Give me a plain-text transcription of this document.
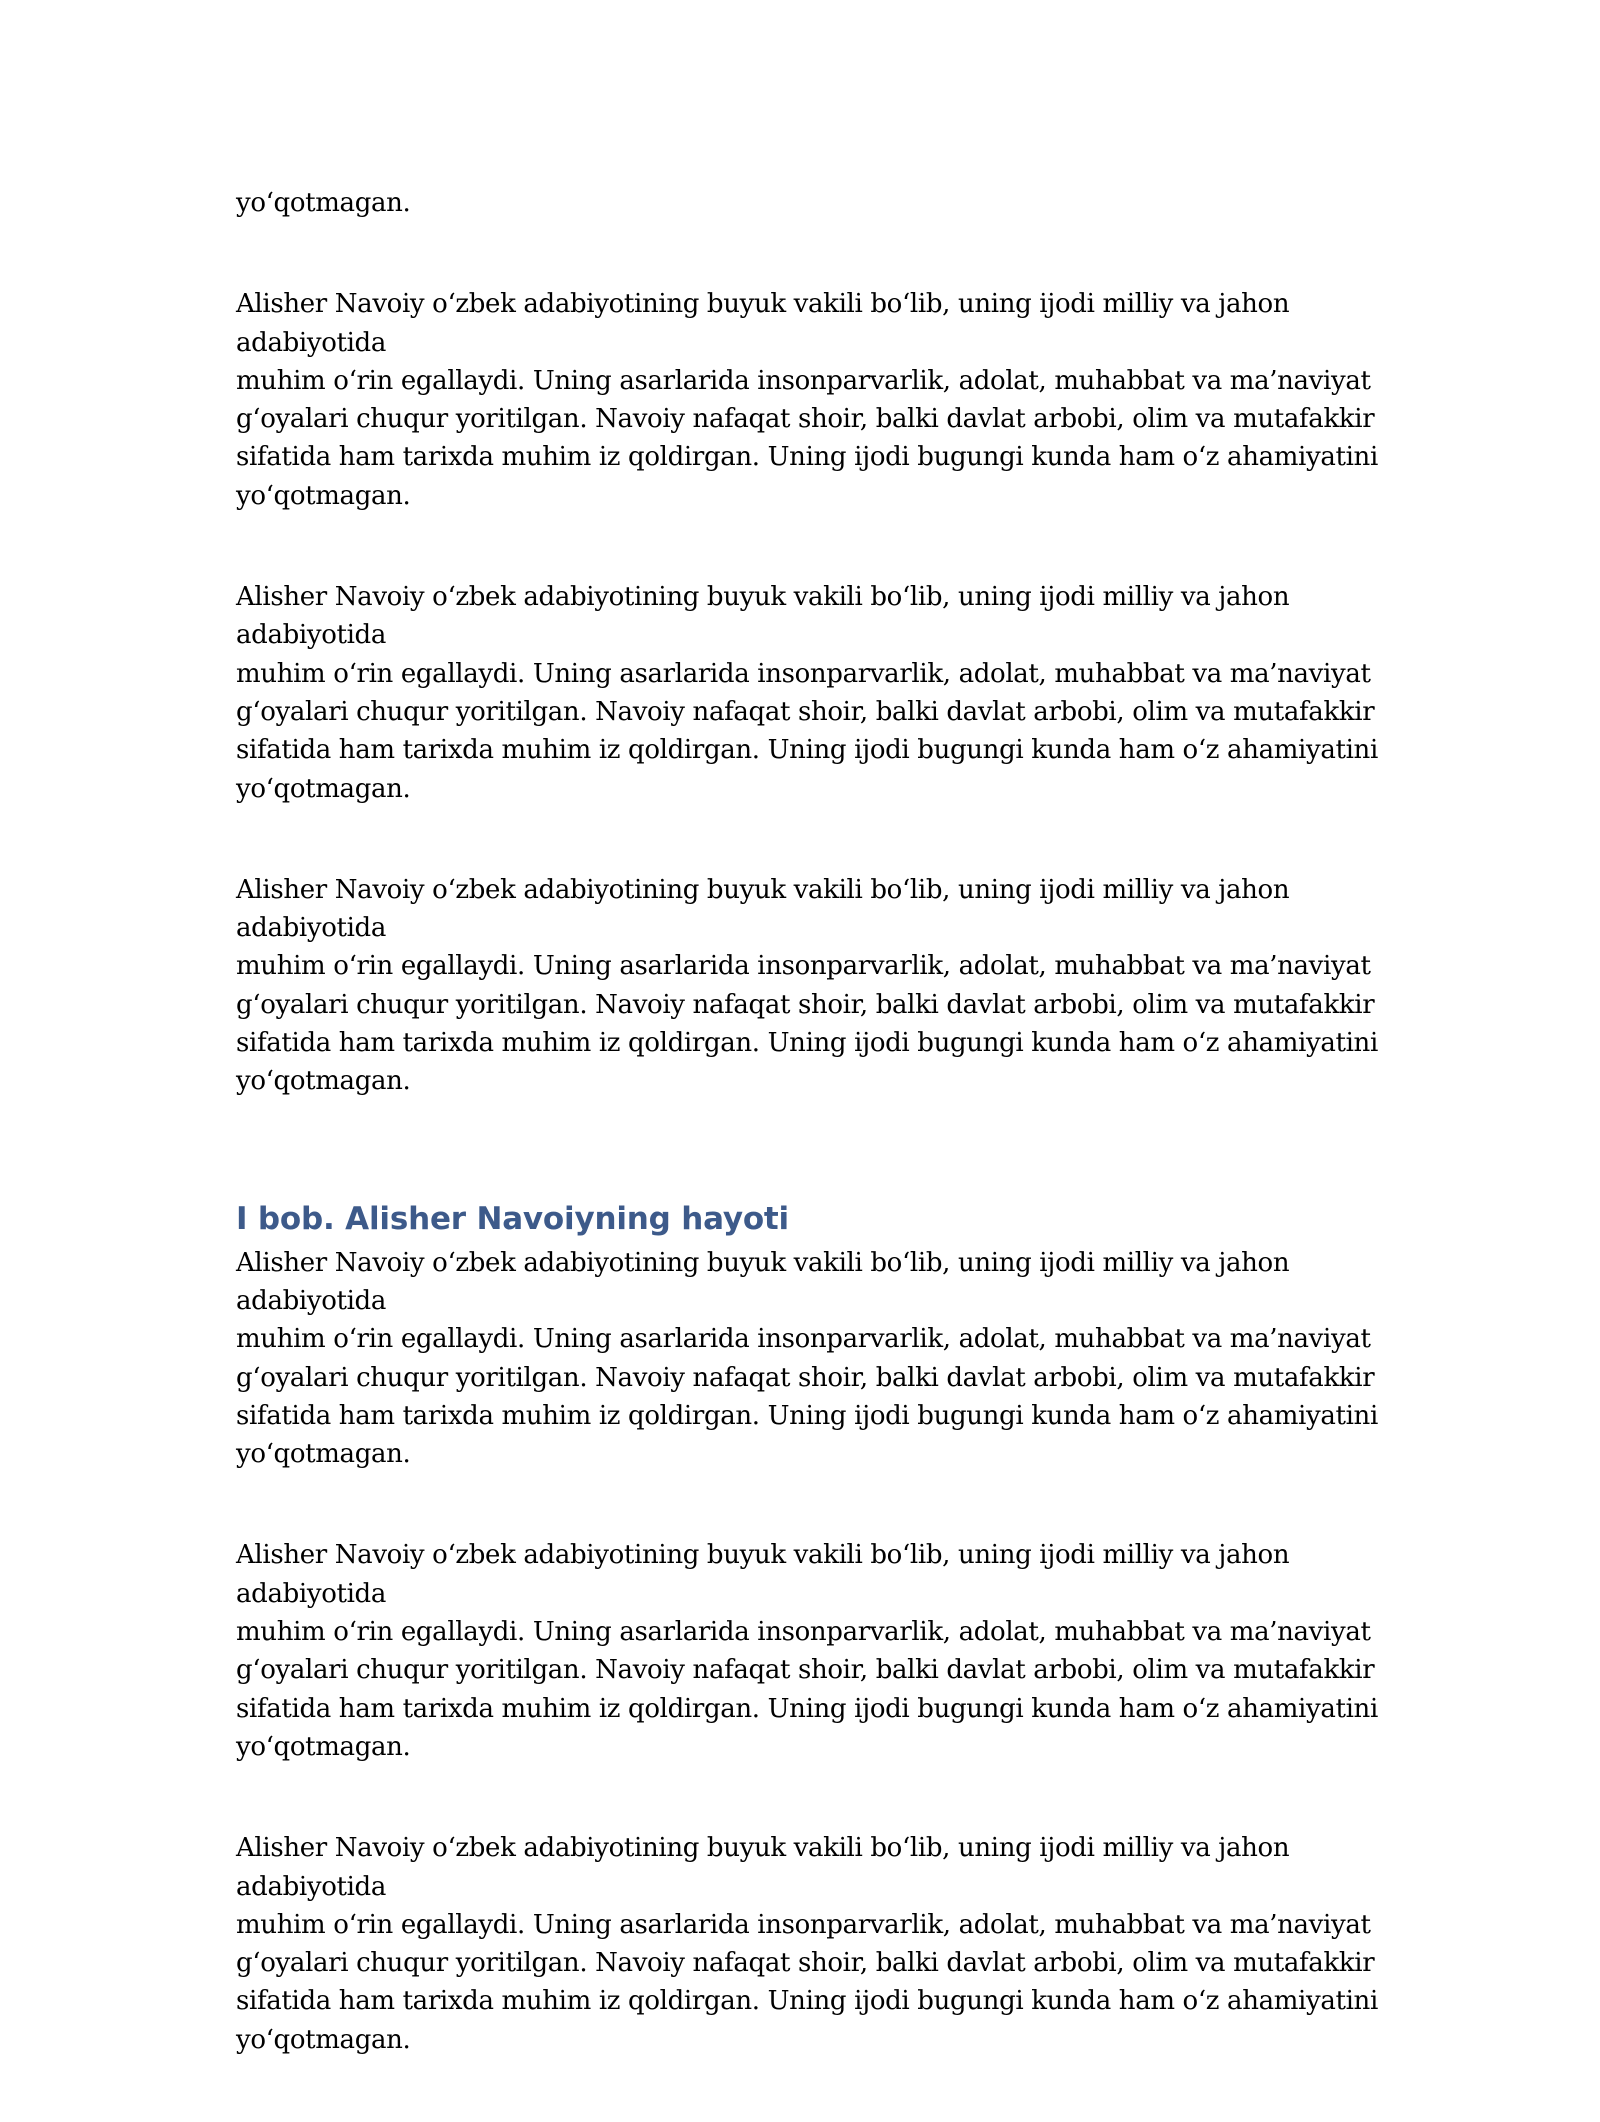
yo‘qotmagan.

Alisher Navoiy o‘zbek adabiyotining buyuk vakili bo‘lib, uning ijodi milliy va jahon adabiyotida
muhim o‘rin egallaydi. Uning asarlarida insonparvarlik, adolat, muhabbat va ma’naviyat
g‘oyalari chuqur yoritilgan. Navoiy nafaqat shoir, balki davlat arbobi, olim va mutafakkir
sifatida ham tarixda muhim iz qoldirgan. Uning ijodi bugungi kunda ham o‘z ahamiyatini
yo‘qotmagan.

Alisher Navoiy o‘zbek adabiyotining buyuk vakili bo‘lib, uning ijodi milliy va jahon adabiyotida
muhim o‘rin egallaydi. Uning asarlarida insonparvarlik, adolat, muhabbat va ma’naviyat
g‘oyalari chuqur yoritilgan. Navoiy nafaqat shoir, balki davlat arbobi, olim va mutafakkir
sifatida ham tarixda muhim iz qoldirgan. Uning ijodi bugungi kunda ham o‘z ahamiyatini
yo‘qotmagan.

Alisher Navoiy o‘zbek adabiyotining buyuk vakili bo‘lib, uning ijodi milliy va jahon adabiyotida
muhim o‘rin egallaydi. Uning asarlarida insonparvarlik, adolat, muhabbat va ma’naviyat
g‘oyalari chuqur yoritilgan. Navoiy nafaqat shoir, balki davlat arbobi, olim va mutafakkir
sifatida ham tarixda muhim iz qoldirgan. Uning ijodi bugungi kunda ham o‘z ahamiyatini
yo‘qotmagan.

I bob. Alisher Navoiyning hayoti

Alisher Navoiy o‘zbek adabiyotining buyuk vakili bo‘lib, uning ijodi milliy va jahon adabiyotida
muhim o‘rin egallaydi. Uning asarlarida insonparvarlik, adolat, muhabbat va ma’naviyat
g‘oyalari chuqur yoritilgan. Navoiy nafaqat shoir, balki davlat arbobi, olim va mutafakkir
sifatida ham tarixda muhim iz qoldirgan. Uning ijodi bugungi kunda ham o‘z ahamiyatini
yo‘qotmagan.

Alisher Navoiy o‘zbek adabiyotining buyuk vakili bo‘lib, uning ijodi milliy va jahon adabiyotida
muhim o‘rin egallaydi. Uning asarlarida insonparvarlik, adolat, muhabbat va ma’naviyat
g‘oyalari chuqur yoritilgan. Navoiy nafaqat shoir, balki davlat arbobi, olim va mutafakkir
sifatida ham tarixda muhim iz qoldirgan. Uning ijodi bugungi kunda ham o‘z ahamiyatini
yo‘qotmagan.

Alisher Navoiy o‘zbek adabiyotining buyuk vakili bo‘lib, uning ijodi milliy va jahon adabiyotida
muhim o‘rin egallaydi. Uning asarlarida insonparvarlik, adolat, muhabbat va ma’naviyat
g‘oyalari chuqur yoritilgan. Navoiy nafaqat shoir, balki davlat arbobi, olim va mutafakkir
sifatida ham tarixda muhim iz qoldirgan. Uning ijodi bugungi kunda ham o‘z ahamiyatini
yo‘qotmagan.
